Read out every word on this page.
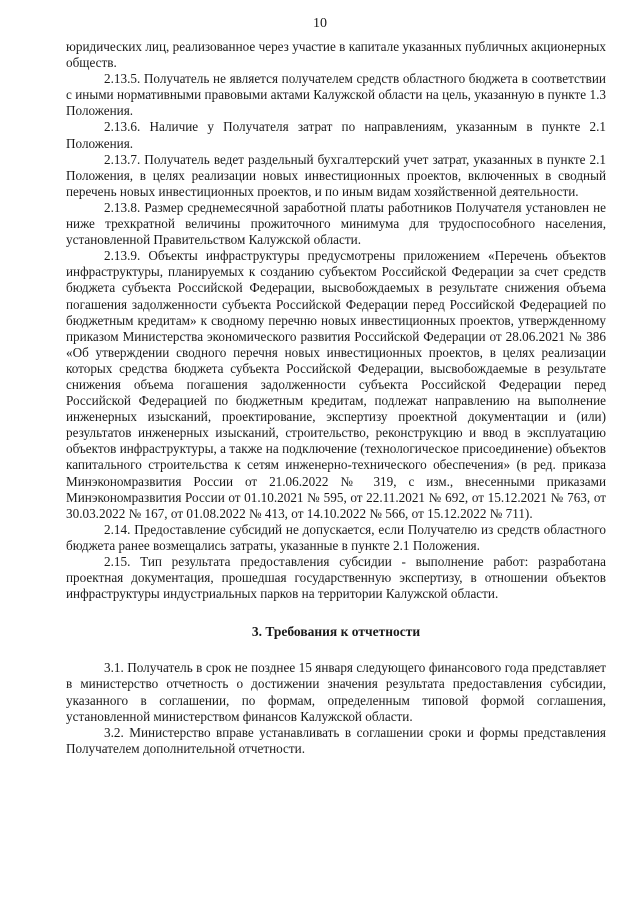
10

юридических лиц, реализованное через участие в капитале указанных публичных акционерных обществ.

2.13.5. Получатель не является получателем средств областного бюджета в соответствии с иными нормативными правовыми актами Калужской области на цель, указанную в пункте 1.3 Положения.

2.13.6. Наличие у Получателя затрат по направлениям, указанным в пункте 2.1 Положения.

2.13.7. Получатель ведет раздельный бухгалтерский учет затрат, указанных в пункте 2.1 Положения, в целях реализации новых инвестиционных проектов, включенных в сводный перечень новых инвестиционных проектов, и по иным видам хозяйственной деятельности.

2.13.8. Размер среднемесячной заработной платы работников Получателя установлен не ниже трехкратной величины прожиточного минимума для трудоспособного населения, установленной Правительством Калужской области.

2.13.9. Объекты инфраструктуры предусмотрены приложением «Перечень объектов инфраструктуры, планируемых к созданию субъектом Российской Федерации за счет средств бюджета субъекта Российской Федерации, высвобождаемых в результате снижения объема погашения задолженности субъекта Российской Федерации перед Российской Федерацией по бюджетным кредитам» к сводному перечню новых инвестиционных проектов, утвержденному приказом Министерства экономического развития Российской Федерации от 28.06.2021 № 386 «Об утверждении сводного перечня новых инвестиционных проектов, в целях реализации которых средства бюджета субъекта Российской Федерации, высвобождаемые в результате снижения объема погашения задолженности субъекта Российской Федерации перед Российской Федерацией по бюджетным кредитам, подлежат направлению на выполнение инженерных изысканий, проектирование, экспертизу проектной документации и (или) результатов инженерных изысканий, строительство, реконструкцию и ввод в эксплуатацию объектов инфраструктуры, а также на подключение (технологическое присоединение) объектов капитального строительства к сетям инженерно-технического обеспечения» (в ред. приказа Минэкономразвития России от 21.06.2022 № 319, с изм., внесенными приказами Минэкономразвития России от 01.10.2021 № 595, от 22.11.2021 № 692, от 15.12.2021 № 763, от 30.03.2022 № 167, от 01.08.2022 № 413, от 14.10.2022 № 566, от 15.12.2022 № 711).

2.14. Предоставление субсидий не допускается, если Получателю из средств областного бюджета ранее возмещались затраты, указанные в пункте 2.1 Положения.

2.15. Тип результата предоставления субсидии - выполнение работ: разработана проектная документация, прошедшая государственную экспертизу, в отношении объектов инфраструктуры индустриальных парков на территории Калужской области.

3. Требования к отчетности

3.1. Получатель в срок не позднее 15 января следующего финансового года представляет в министерство отчетность о достижении значения результата предоставления субсидии, указанного в соглашении, по формам, определенным типовой формой соглашения, установленной министерством финансов Калужской области.

3.2. Министерство вправе устанавливать в соглашении сроки и формы представления Получателем дополнительной отчетности.
